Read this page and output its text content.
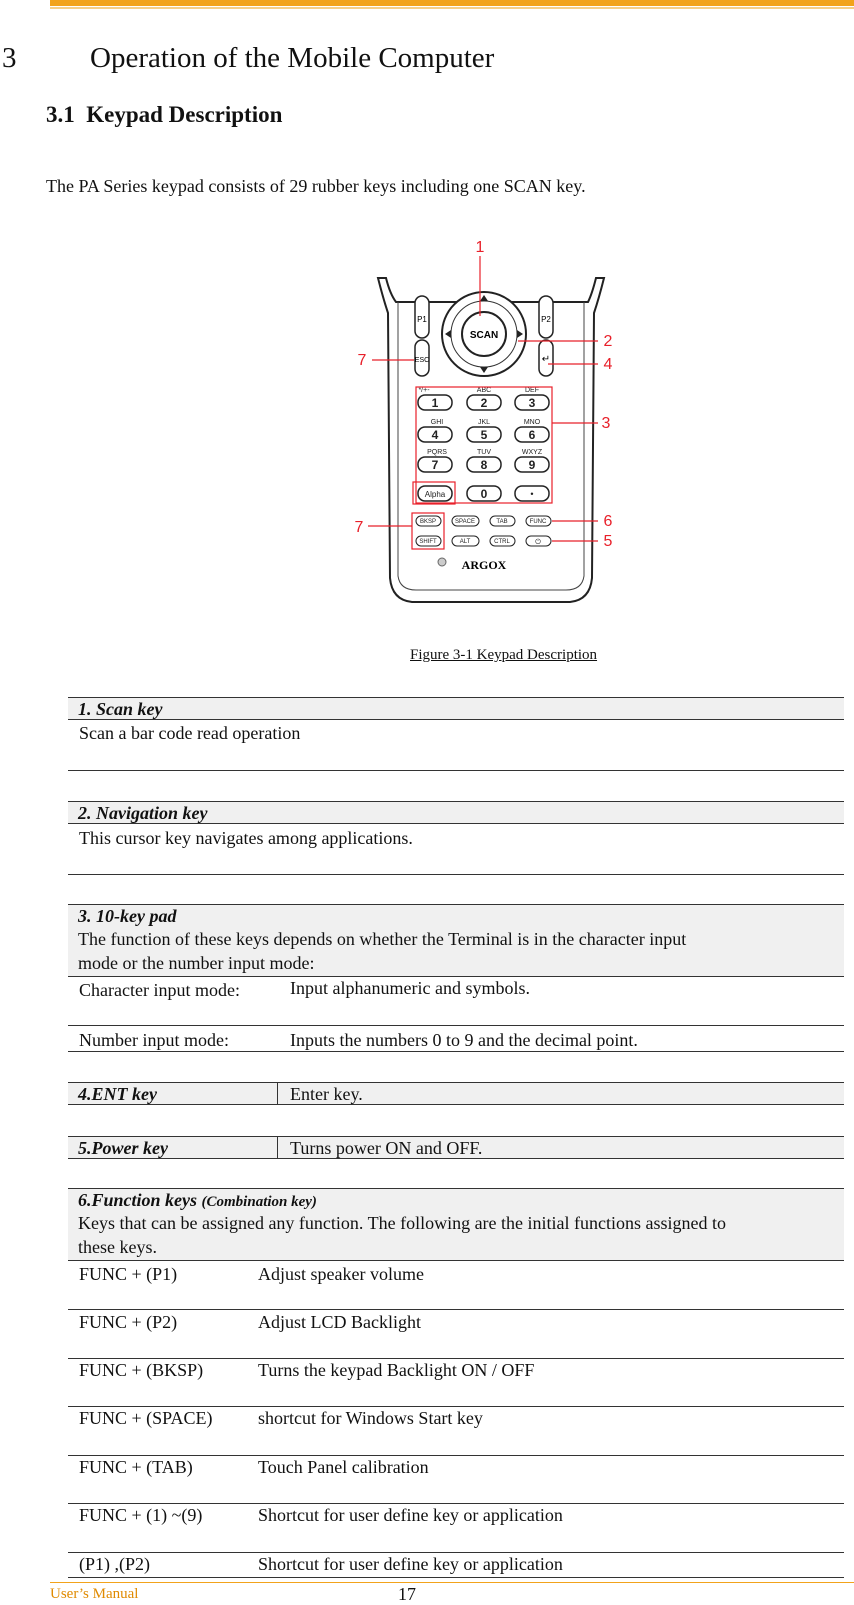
3	Operation of the Mobile Computer
3.1 Keypad Description
The PA Series keypad consists of 29 rubber keys including one SCAN key.
SCAN
P1
ESC
P2
↵
*/+-	ABC	DEF
1	2	3
GHI	JKL	MNO
4	5	6
PQRS	TUV	WXYZ
7	8	9
Alpha	0	•
BKSP	SPACE	TAB	FUNC
SHIFT	ALT	CTRL	⏻
ARGOX
1
2
4
7
3
7	6
5
Figure 3-1 Keypad Description
1. Scan key
Scan a bar code read operation
2. Navigation key
This cursor key navigates among applications.
3. 10-key pad
The function of these keys depends on whether the Terminal is in the character input
mode or the number input mode:
Character input mode:	Input alphanumeric and symbols.
Number input mode:	Inputs the numbers 0 to 9 and the decimal point.
4.ENT key	Enter key.
5.Power key	Turns power ON and OFF.
6.Function keys (Combination key)
Keys that can be assigned any function. The following are the initial functions assigned to
these keys.
FUNC + (P1)	Adjust speaker volume
FUNC + (P2)	Adjust LCD Backlight
FUNC + (BKSP)	Turns the keypad Backlight ON / OFF
FUNC + (SPACE)	shortcut for Windows Start key
FUNC + (TAB)	Touch Panel calibration
FUNC + (1) ~(9)	Shortcut for user define key or application
(P1) ,(P2)	Shortcut for user define key or application
User’s Manual	17
